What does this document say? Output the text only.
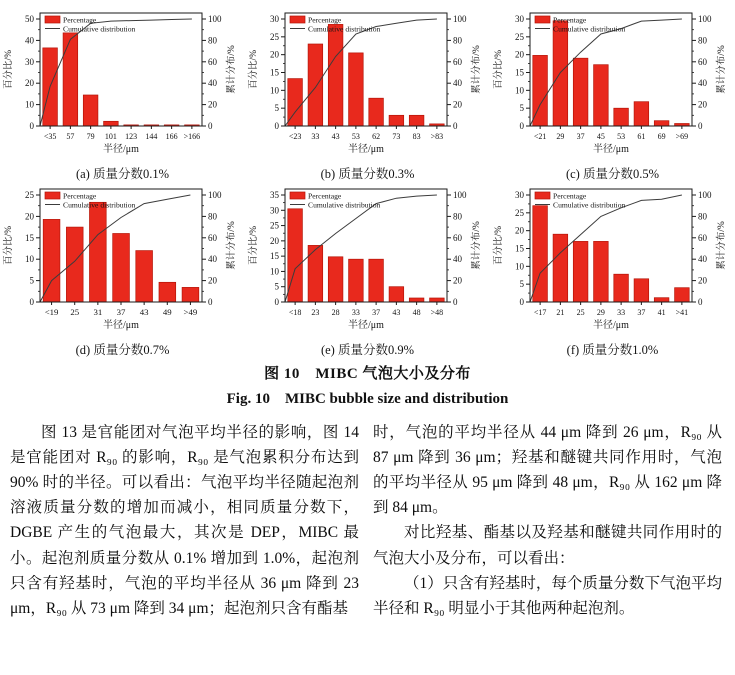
0
10
20
30
40
50
0
20
40
60
80
100
<35 57 79 101 123 144 166 >166
百分比/%	累计分布/%
半径/μm
Percentage
Cumulative distribution
(a) 质量分数0.1%
0
5
10
15
20
25
30
0
20
40
60
80
100
<23 33 43 53 62 73 83 >83
百分比/%	累计分布/%
半径/μm
Percentage
Cumulative distribution
(b) 质量分数0.3%
0
5
10
15
20
25
30
0
20
40
60
80
100
<21 29 37 45 53 61 69 >69
百分比/%	累计分布/%
半径/μm
Percentage
Cumulative distribution
(c) 质量分数0.5%
0
5
10
15
20
25
0
20
40
60
80
100
<19 25 31 37 43 49 >49
百分比/%	累计分布/%
半径/μm
Percentage
Cumulative distribution
(d) 质量分数0.7%
0
5
10
15
20
25
30
35
0
20
40
60
80
100
<18 23 28 33 37 43 48 >48
百分比/%	累计分布/%
半径/μm
Percentage
Cumulative distribution
(e) 质量分数0.9%
0
5
10
15
20
25
30
0
20
40
60
80
100
<17 21 25 29 33 37 41 >41
百分比/%	累计分布/%
半径/μm
Percentage
Cumulative distribution
(f) 质量分数1.0%
图 10　MIBC 气泡大小及分布
Fig. 10　MIBC bubble size and distribution

图 13 是官能团对气泡平均半径的影响，图 14 是官能团对 R₉₀ 的影响，R₉₀ 是气泡累积分布达到 90% 时的半径。可以看出：气泡平均半径随起泡剂溶液质量分数的增加而减小，相同质量分数下，DGBE 产生的气泡最大，其次是 DEP，MIBC 最小。起泡剂质量分数从 0.1% 增加到 1.0%，起泡剂只含有羟基时，气泡的平均半径从 36 μm 降到 23 μm，R₉₀ 从 73 μm 降到 34 μm；起泡剂只含有酯基

时，气泡的平均半径从 44 μm 降到 26 μm，R₉₀ 从 87 μm 降到 36 μm；羟基和醚键共同作用时，气泡的平均半径从 95 μm 降到 48 μm，R₉₀ 从 162 μm 降到 84 μm。

对比羟基、酯基以及羟基和醚键共同作用时的气泡大小及分布，可以看出：

（1）只含有羟基时，每个质量分数下气泡平均半径和 R₉₀ 明显小于其他两种起泡剂。
